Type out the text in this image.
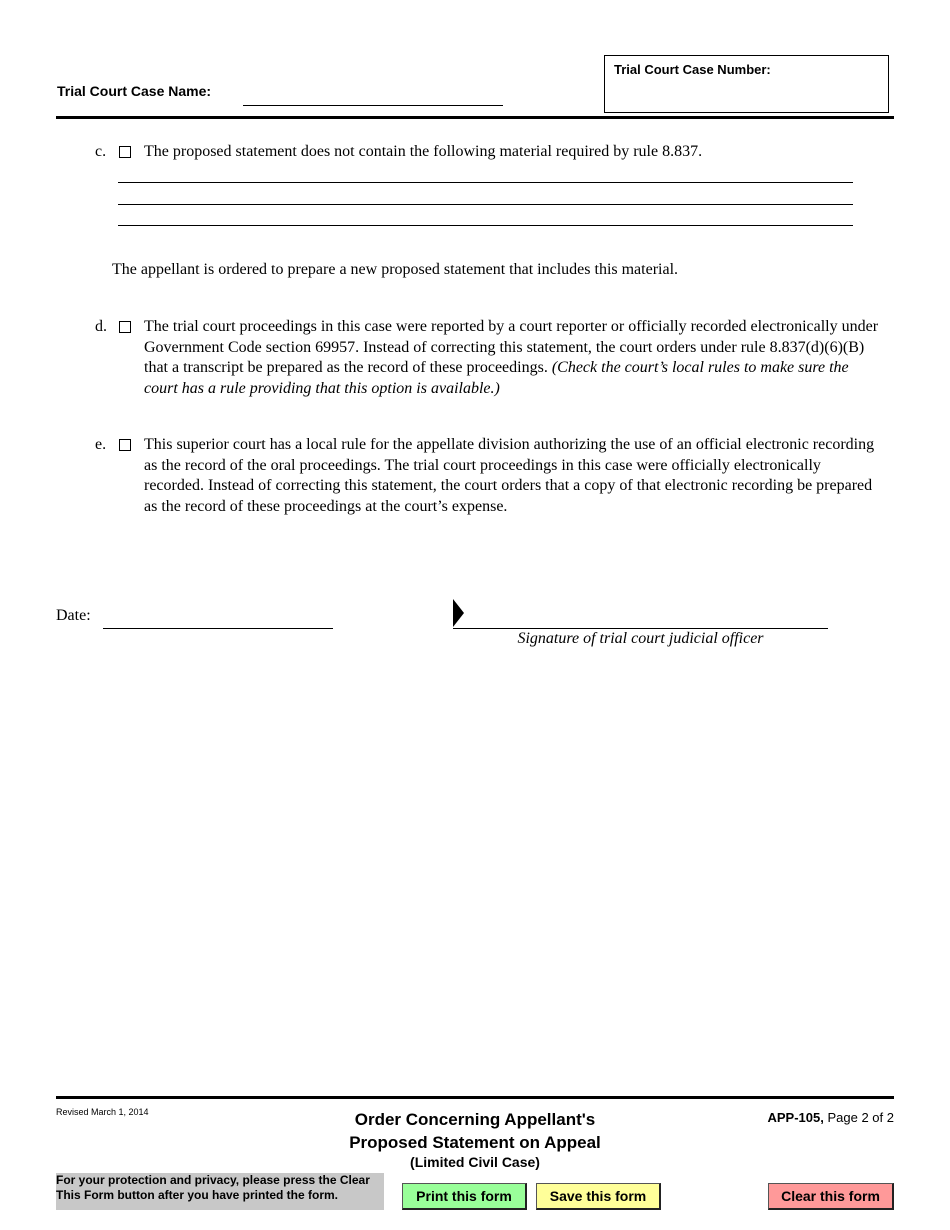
Trial Court Case Name:
Trial Court Case Number:
c. The proposed statement does not contain the following material required by rule 8.837.
The appellant is ordered to prepare a new proposed statement that includes this material.
d. The trial court proceedings in this case were reported by a court reporter or officially recorded electronically under Government Code section 69957. Instead of correcting this statement, the court orders under rule 8.837(d)(6)(B) that a transcript be prepared as the record of these proceedings. (Check the court’s local rules to make sure the court has a rule providing that this option is available.)
e. This superior court has a local rule for the appellate division authorizing the use of an official electronic recording as the record of the oral proceedings. The trial court proceedings in this case were officially electronically recorded. Instead of correcting this statement, the court orders that a copy of that electronic recording be prepared as the record of these proceedings at the court’s expense.
Date:
Signature of trial court judicial officer
Revised March 1, 2014	Order Concerning Appellant's
Proposed Statement on Appeal
(Limited Civil Case)
APP-105, Page 2 of 2
For your protection and privacy, please press the Clear This Form button after you have printed the form.	Print this form	Save this form	Clear this form
